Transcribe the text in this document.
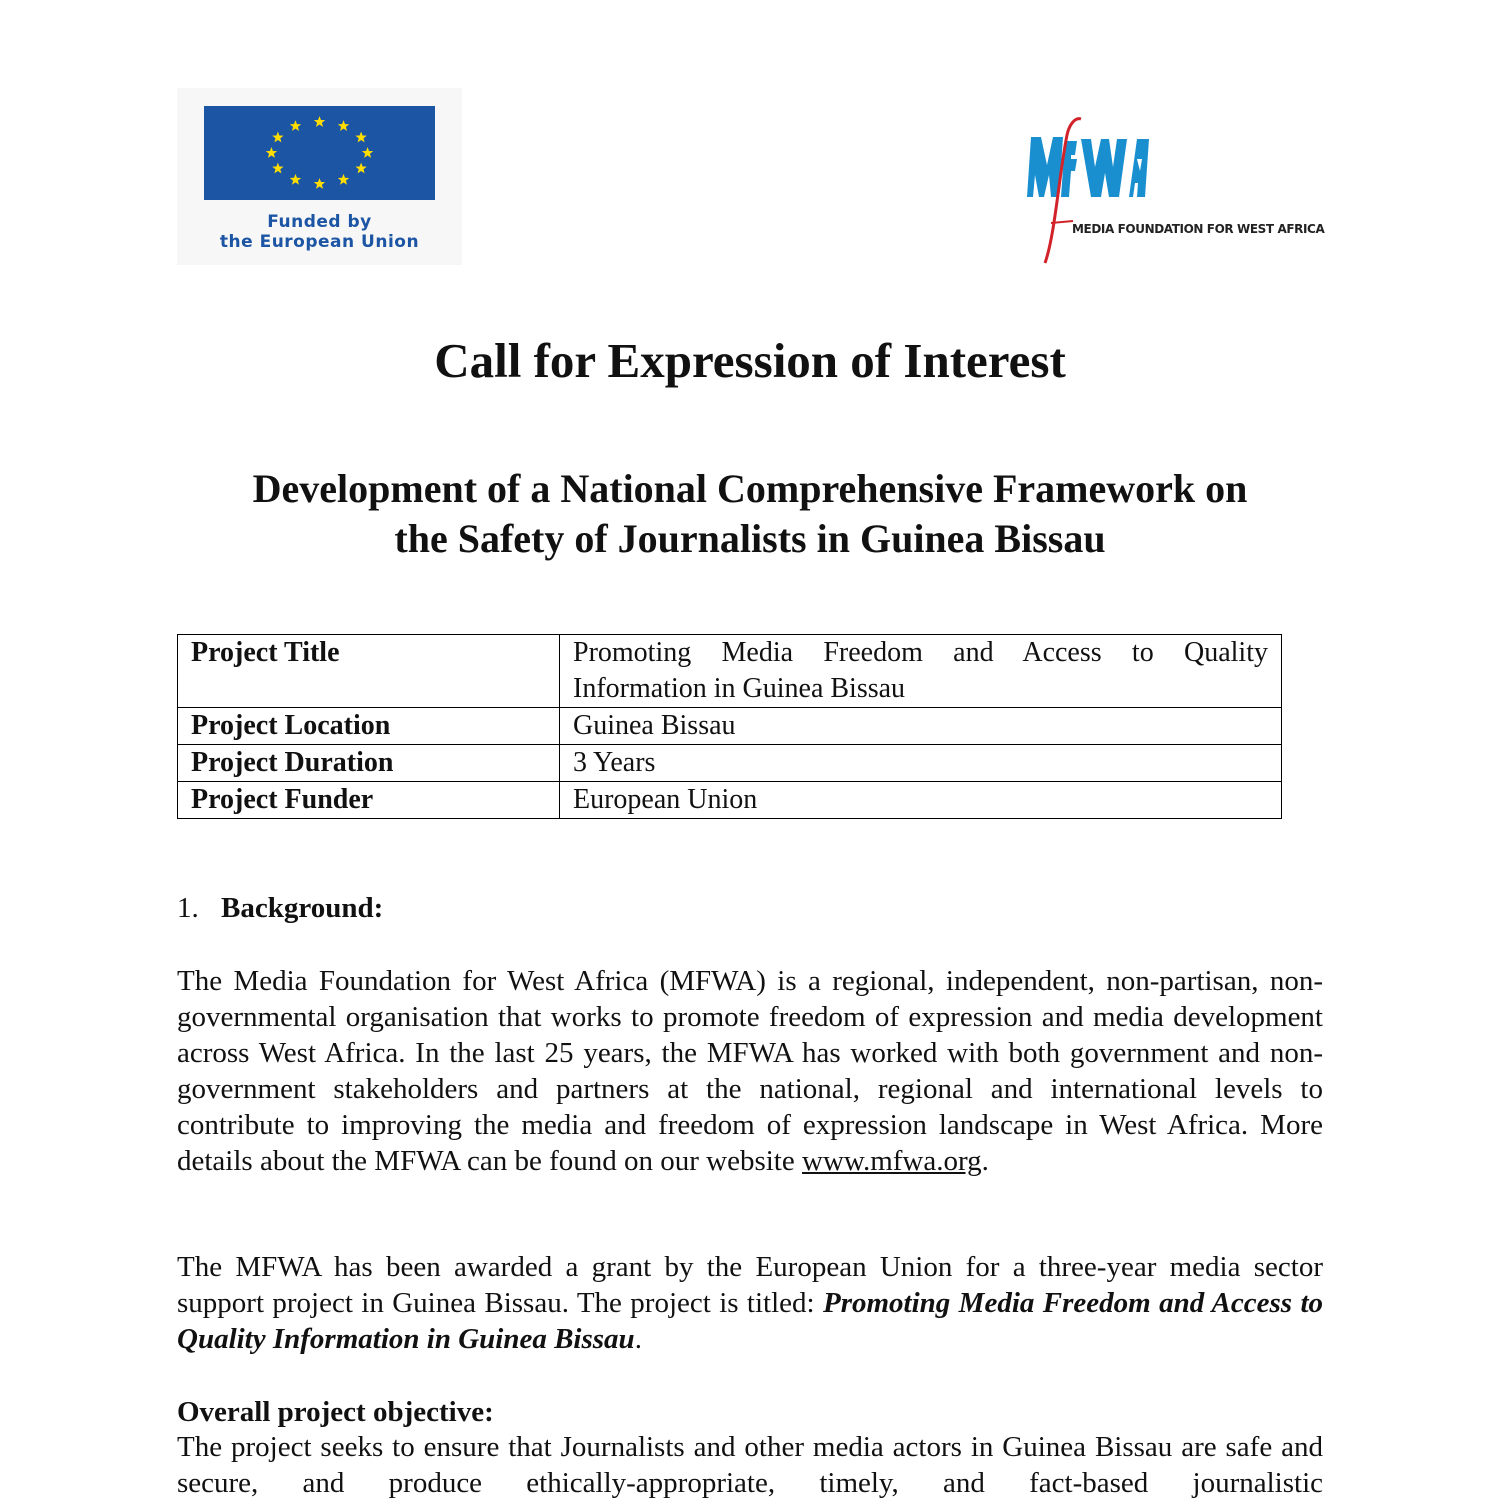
Funded by
the European Union
MEDIA FOUNDATION FOR WEST AFRICA
Call for Expression of Interest
Development of a National Comprehensive Framework on
the Safety of Journalists in Guinea Bissau
Project Title	Promoting Media Freedom and Access to Quality Information in Guinea Bissau
Project Location	Guinea Bissau
Project Duration	3 Years
Project Funder	European Union
1. Background:
The Media Foundation for West Africa (MFWA) is a regional, independent, non-partisan, non-governmental organisation that works to promote freedom of expression and media development across West Africa. In the last 25 years, the MFWA has worked with both government and non-government stakeholders and partners at the national, regional and international levels to contribute to improving the media and freedom of expression landscape in West Africa. More details about the MFWA can be found on our website www.mfwa.org.
The MFWA has been awarded a grant by the European Union for a three-year media sector support project in Guinea Bissau. The project is titled: Promoting Media Freedom and Access to Quality Information in Guinea Bissau.
Overall project objective:
The project seeks to ensure that Journalists and other media actors in Guinea Bissau are safe and secure, and produce ethically-appropriate, timely, and fact-based journalistic
